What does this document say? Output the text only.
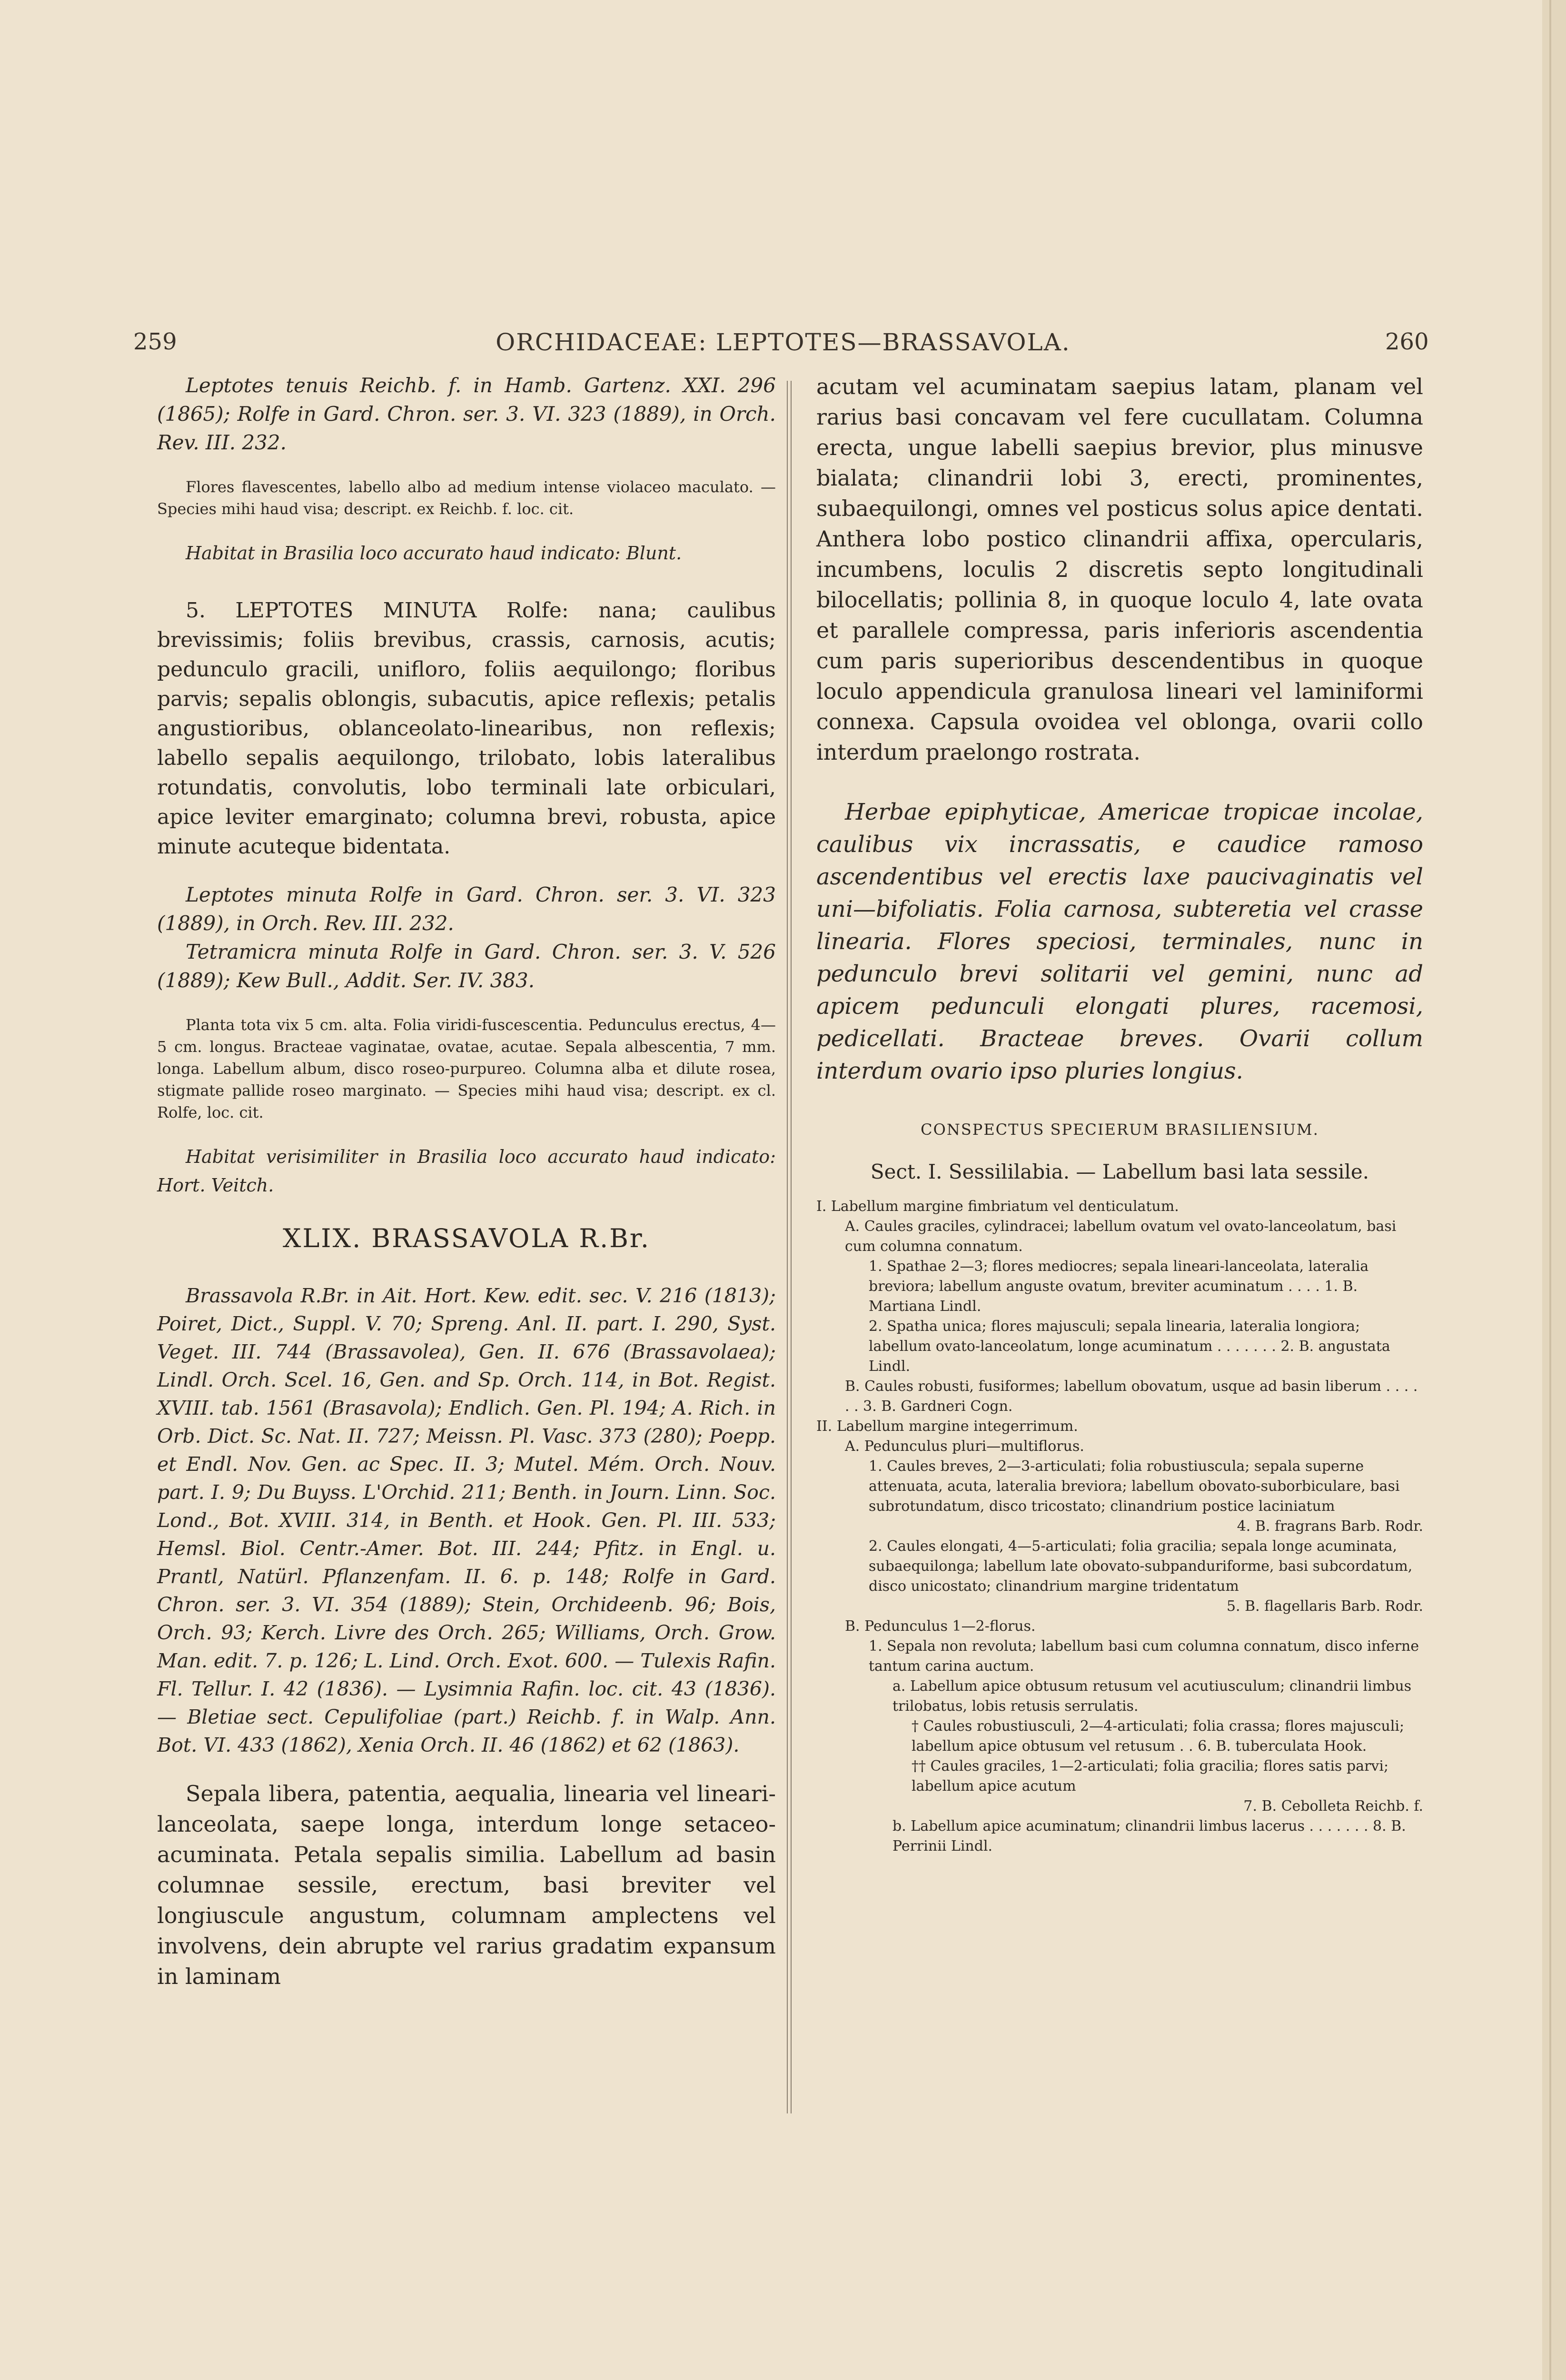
259	ORCHIDACEAE: LEPTOTES—BRASSAVOLA.	260

Leptotes tenuis Reichb. f. in Hamb. Gartenz. XXI. 296 (1865); Rolfe in Gard. Chron. ser. 3. VI. 323 (1889), in Orch. Rev. III. 232.

Flores flavescentes, labello albo ad medium intense violaceo maculato. — Species mihi haud visa; descript. ex Reichb. f. loc. cit.

Habitat in Brasilia loco accurato haud indicato: Blunt.

5. LEPTOTES MINUTA Rolfe: nana; caulibus brevissimis; foliis brevibus, crassis, carnosis, acutis; pedunculo gracili, unifloro, foliis aequilongo; floribus parvis; sepalis oblongis, subacutis, apice reflexis; petalis angustioribus, oblanceolato-linearibus, non reflexis; labello sepalis aequilongo, trilobato, lobis lateralibus rotundatis, convolutis, lobo terminali late orbiculari, apice leviter emarginato; columna brevi, robusta, apice minute acuteque bidentata.

Leptotes minuta Rolfe in Gard. Chron. ser. 3. VI. 323 (1889), in Orch. Rev. III. 232.

Tetramicra minuta Rolfe in Gard. Chron. ser. 3. V. 526 (1889); Kew Bull., Addit. Ser. IV. 383.

Planta tota vix 5 cm. alta. Folia viridi-fuscescentia. Pedunculus erectus, 4—5 cm. longus. Bracteae vaginatae, ovatae, acutae. Sepala albescentia, 7 mm. longa. Labellum album, disco roseo-purpureo. Columna alba et dilute rosea, stigmate pallide roseo marginato. — Species mihi haud visa; descript. ex cl. Rolfe, loc. cit.

Habitat verisimiliter in Brasilia loco accurato haud indicato: Hort. Veitch.

XLIX. BRASSAVOLA R.Br.

Brassavola R.Br. in Ait. Hort. Kew. edit. sec. V. 216 (1813); Poiret, Dict., Suppl. V. 70; Spreng. Anl. II. part. I. 290, Syst. Veget. III. 744 (Brassavolea), Gen. II. 676 (Brassavolaea); Lindl. Orch. Scel. 16, Gen. and Sp. Orch. 114, in Bot. Regist. XVIII. tab. 1561 (Brasavola); Endlich. Gen. Pl. 194; A. Rich. in Orb. Dict. Sc. Nat. II. 727; Meissn. Pl. Vasc. 373 (280); Poepp. et Endl. Nov. Gen. ac Spec. II. 3; Mutel. Mém. Orch. Nouv. part. I. 9; Du Buyss. L'Orchid. 211; Benth. in Journ. Linn. Soc. Lond., Bot. XVIII. 314, in Benth. et Hook. Gen. Pl. III. 533; Hemsl. Biol. Centr.-Amer. Bot. III. 244; Pfitz. in Engl. u. Prantl, Natürl. Pflanzenfam. II. 6. p. 148; Rolfe in Gard. Chron. ser. 3. VI. 354 (1889); Stein, Orchideenb. 96; Bois, Orch. 93; Kerch. Livre des Orch. 265; Williams, Orch. Grow. Man. edit. 7. p. 126; L. Lind. Orch. Exot. 600. — Tulexis Rafin. Fl. Tellur. I. 42 (1836). — Lysimnia Rafin. loc. cit. 43 (1836). — Bletiae sect. Cepulifoliae (part.) Reichb. f. in Walp. Ann. Bot. VI. 433 (1862), Xenia Orch. II. 46 (1862) et 62 (1863).

Sepala libera, patentia, aequalia, linearia vel lineari-lanceolata, saepe longa, interdum longe setaceo-acuminata. Petala sepalis similia. Labellum ad basin columnae sessile, erectum, basi breviter vel longiuscule angustum, columnam amplectens vel involvens, dein abrupte vel rarius gradatim expansum in laminam

acutam vel acuminatam saepius latam, planam vel rarius basi concavam vel fere cucullatam. Columna erecta, ungue labelli saepius brevior, plus minusve bialata; clinandrii lobi 3, erecti, prominentes, subaequilongi, omnes vel posticus solus apice dentati. Anthera lobo postico clinandrii affixa, opercularis, incumbens, loculis 2 discretis septo longitudinali bilocellatis; pollinia 8, in quoque loculo 4, late ovata et parallele compressa, paris inferioris ascendentia cum paris superioribus descendentibus in quoque loculo appendicula granulosa lineari vel laminiformi connexa. Capsula ovoidea vel oblonga, ovarii collo interdum praelongo rostrata.

Herbae epiphyticae, Americae tropicae incolae, caulibus vix incrassatis, e caudice ramoso ascendentibus vel erectis laxe paucivaginatis vel uni—bifoliatis. Folia carnosa, subteretia vel crasse linearia. Flores speciosi, terminales, nunc in pedunculo brevi solitarii vel gemini, nunc ad apicem pedunculi elongati plures, racemosi, pedicellati. Bracteae breves. Ovarii collum interdum ovario ipso pluries longius.

CONSPECTUS SPECIERUM BRASILIENSIUM.

Sect. I. Sessililabia. — Labellum basi lata sessile.

I. Labellum margine fimbriatum vel denticulatum.

A. Caules graciles, cylindracei; labellum ovatum vel ovato-lanceolatum, basi cum columna connatum.

1. Spathae 2—3; flores mediocres; sepala lineari-lanceolata, lateralia breviora; labellum anguste ovatum, breviter acuminatum . . . . 1. B. Martiana Lindl.

2. Spatha unica; flores majusculi; sepala linearia, lateralia longiora; labellum ovato-lanceolatum, longe acuminatum . . . . . . . 2. B. angustata Lindl.

B. Caules robusti, fusiformes; labellum obovatum, usque ad basin liberum . . . . . . 3. B. Gardneri Cogn.

II. Labellum margine integerrimum.

A. Pedunculus pluri—multiflorus.

1. Caules breves, 2—3-articulati; folia robustiuscula; sepala superne attenuata, acuta, lateralia breviora; labellum obovato-suborbiculare, basi subrotundatum, disco tricostato; clinandrium postice laciniatum

4. B. fragrans Barb. Rodr.

2. Caules elongati, 4—5-articulati; folia gracilia; sepala longe acuminata, subaequilonga; labellum late obovato-subpanduriforme, basi subcordatum, disco unicostato; clinandrium margine tridentatum

5. B. flagellaris Barb. Rodr.

B. Pedunculus 1—2-florus.

1. Sepala non revoluta; labellum basi cum columna connatum, disco inferne tantum carina auctum.

a. Labellum apice obtusum retusum vel acutiusculum; clinandrii limbus trilobatus, lobis retusis serrulatis.

† Caules robustiusculi, 2—4-articulati; folia crassa; flores majusculi; labellum apice obtusum vel retusum . . 6. B. tuberculata Hook.

†† Caules graciles, 1—2-articulati; folia gracilia; flores satis parvi; labellum apice acutum

7. B. Cebolleta Reichb. f.

b. Labellum apice acuminatum; clinandrii limbus lacerus . . . . . . . 8. B. Perrinii Lindl.
